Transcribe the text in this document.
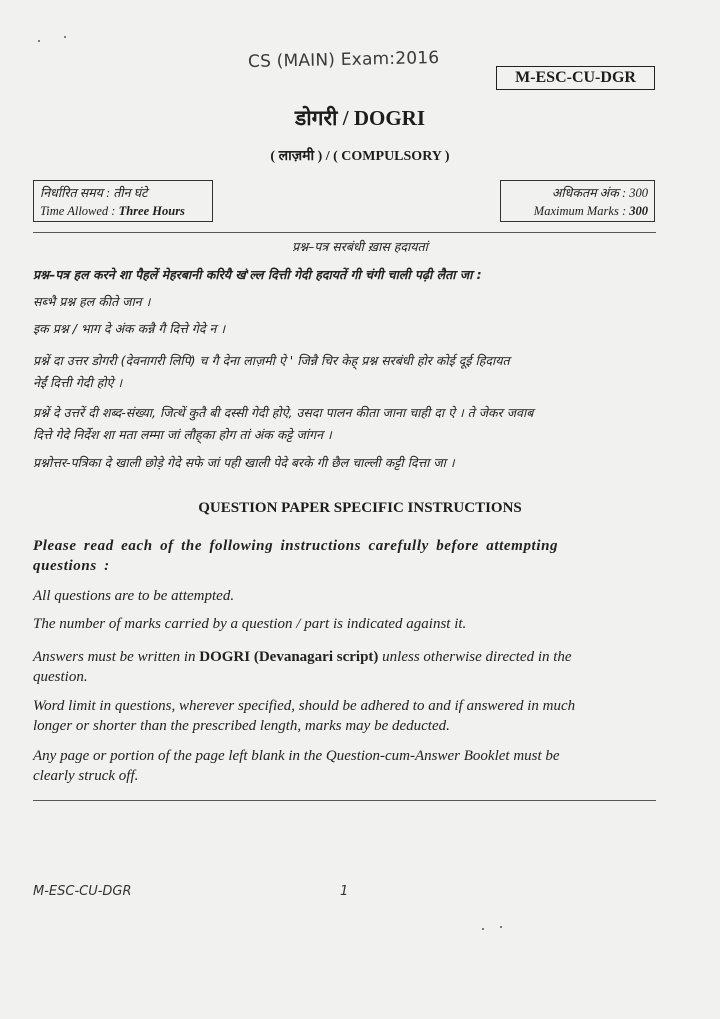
CS (MAIN) Exam:2016
M-ESC-CU-DGR
डोगरी / DOGRI
( लाज़मी ) / ( COMPULSORY )
निर्धारित समय : तीन घंटे
Time Allowed : Three Hours
अधिकतम अंक : 300
Maximum Marks : 300
प्रश्न–पत्र सरबंधी ख़ास हदायतां
प्रश्न–पत्र हल करने शा पैहलें मेहरबानी करियै खं'ल्ल दित्ती गेदी हदायतें गी चंगी चाली पढ़ी लैता जा :
सब्भै प्रश्न हल कीते जान ।
इक प्रश्न / भाग दे अंक कन्नै गै दित्ते गेदे न ।
प्रश्नें दा उत्तर डोगरी (देवनागरी लिपि) च गै देना लाज़मी ऐ ' जिन्नै चिर केह्‌ प्रश्न सरबंधी होर कोई दूई हिदायत
नेईं दित्ती गेदी होऐ ।
प्रश्नें दे उत्तरें दी शब्द-संख्या, जित्थें कुतै बी दस्सी गेदी होऐ, उसदा पालन कीता जाना चाही दा ऐ । ते जेकर जवाब
दित्ते गेदे निर्देश शा मता लम्मा जां लौह्‌का होग तां अंक कट्टे जांगन ।
प्रश्नोत्तर-पत्रिका दे खाली छोड़े गेदे सफे जां पही खाली पेदे बरके गी छैल चाल्ली कट्टी दित्ता जा ।
QUESTION PAPER SPECIFIC INSTRUCTIONS
Please read each of the following instructions carefully before attempting
questions :
All questions are to be attempted.
The number of marks carried by a question / part is indicated against it.
Answers must be written in DOGRI (Devanagari script) unless otherwise directed in the
question.
Word limit in questions, wherever specified, should be adhered to and if answered in much
longer or shorter than the prescribed length, marks may be deducted.
Any page or portion of the page left blank in the Question-cum-Answer Booklet must be
clearly struck off.
M-ESC-CU-DGR	1
